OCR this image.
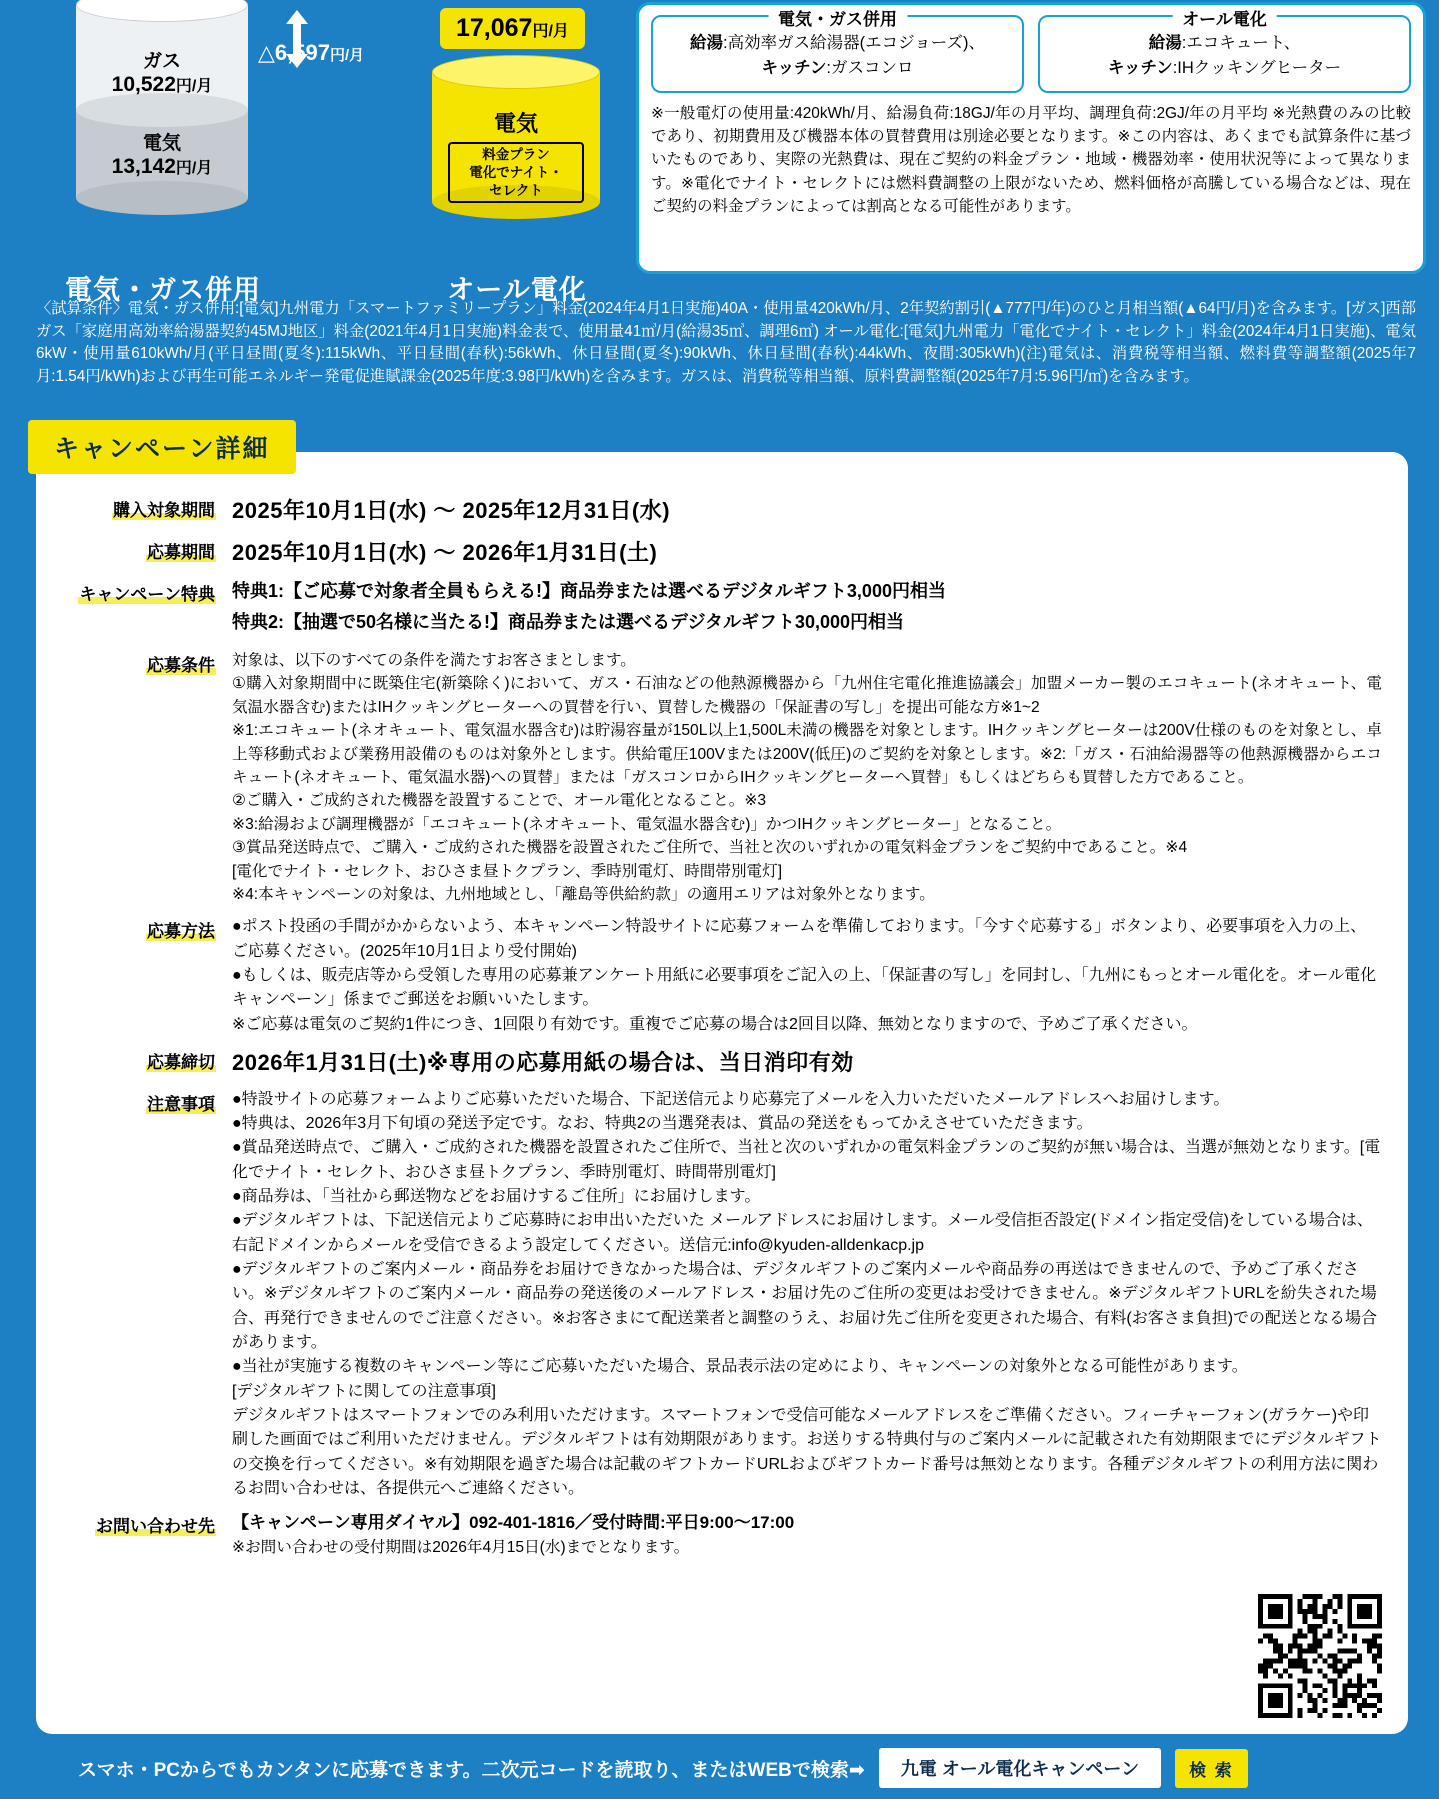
ガス
10,522円/月
電気
13,142円/月
△6,597円/月
17,067円/月
電気
料金プラン
電化でナイト・
セレクト
電気・ガス併用	オール電化
電気・ガス併用
給湯:高効率ガス給湯器(エコジョーズ)、
キッチン:ガスコンロ
オール電化
給湯:エコキュート、
キッチン:IHクッキングヒーター
※一般電灯の使用量:420kWh/月、給湯負荷:18GJ/年の月平均、調理負荷:2GJ/年の月平均 ※光熱費のみの比較であり、初期費用及び機器本体の買替費用は別途必要となります。※この内容は、あくまでも試算条件に基づいたものであり、実際の光熱費は、現在ご契約の料金プラン・地域・機器効率・使用状況等によって異なります。※電化でナイト・セレクトには燃料費調整の上限がないため、燃料価格が高騰している場合などは、現在ご契約の料金プランによっては割高となる可能性があります。
〈試算条件〉電気・ガス併用:[電気]九州電力「スマートファミリープラン」料金(2024年4月1日実施)40A・使用量420kWh/月、2年契約割引(▲777円/年)のひと月相当額(▲64円/月)を含みます。[ガス]西部ガス「家庭用高効率給湯器契約45MJ地区」料金(2021年4月1日実施)料金表で、使用量41㎥/月(給湯35㎥、調理6㎥) オール電化:[電気]九州電力「電化でナイト・セレクト」料金(2024年4月1日実施)、電気6kW・使用量610kWh/月(平日昼間(夏冬):115kWh、平日昼間(春秋):56kWh、休日昼間(夏冬):90kWh、休日昼間(春秋):44kWh、夜間:305kWh)(注)電気は、消費税等相当額、燃料費等調整額(2025年7月:1.54円/kWh)および再生可能エネルギー発電促進賦課金(2025年度:3.98円/kWh)を含みます。ガスは、消費税等相当額、原料費調整額(2025年7月:5.96円/㎥)を含みます。
キャンペーン詳細
購入対象期間 2025年10月1日(水) 〜 2025年12月31日(水)
応募期間 2025年10月1日(水) 〜 2026年1月31日(土)
キャンペーン特典 特典1:【ご応募で対象者全員もらえる!】商品券または選べるデジタルギフト3,000円相当
特典2:【抽選で50名様に当たる!】商品券または選べるデジタルギフト30,000円相当
応募条件	対象は、以下のすべての条件を満たすお客さまとします。
①購入対象期間中に既築住宅(新築除く)において、ガス・石油などの他熱源機器から「九州住宅電化推進協議会」加盟メーカー製のエコキュート(ネオキュート、電気温水器含む)またはIHクッキングヒーターへの買替を行い、買替した機器の「保証書の写し」を提出可能な方※1~2
※1:エコキュート(ネオキュート、電気温水器含む)は貯湯容量が150L以上1,500L未満の機器を対象とします。IHクッキングヒーターは200V仕様のものを対象とし、卓上等移動式および業務用設備のものは対象外とします。供給電圧100Vまたは200V(低圧)のご契約を対象とします。※2:「ガス・石油給湯器等の他熱源機器からエコキュート(ネオキュート、電気温水器)への買替」または「ガスコンロからIHクッキングヒーターへ買替」もしくはどちらも買替した方であること。
②ご購入・ご成約された機器を設置することで、オール電化となること。※3
※3:給湯および調理機器が「エコキュート(ネオキュート、電気温水器含む)」かつIHクッキングヒーター」となること。
③賞品発送時点で、ご購入・ご成約された機器を設置されたご住所で、当社と次のいずれかの電気料金プランをご契約中であること。※4
[電化でナイト・セレクト、おひさま昼トクプラン、季時別電灯、時間帯別電灯]
※4:本キャンペーンの対象は、九州地域とし、「離島等供給約款」の適用エリアは対象外となります。
応募方法	●ポスト投函の手間がかからないよう、本キャンペーン特設サイトに応募フォームを準備しております。「今すぐ応募する」ボタンより、必要事項を入力の上、ご応募ください。(2025年10月1日より受付開始)
●もしくは、販売店等から受領した専用の応募兼アンケート用紙に必要事項をご記入の上、「保証書の写し」を同封し、「九州にもっとオール電化を。オール電化キャンペーン」係までご郵送をお願いいたします。
※ご応募は電気のご契約1件につき、1回限り有効です。重複でご応募の場合は2回目以降、無効となりますので、予めご了承ください。
応募締切 2026年1月31日(土)※専用の応募用紙の場合は、当日消印有効
注意事項	●特設サイトの応募フォームよりご応募いただいた場合、下記送信元より応募完了メールを入力いただいたメールアドレスへお届けします。
●特典は、2026年3月下旬頃の発送予定です。なお、特典2の当選発表は、賞品の発送をもってかえさせていただきます。
●賞品発送時点で、ご購入・ご成約された機器を設置されたご住所で、当社と次のいずれかの電気料金プランのご契約が無い場合は、当選が無効となります。[電化でナイト・セレクト、おひさま昼トクプラン、季時別電灯、時間帯別電灯]
●商品券は、「当社から郵送物などをお届けするご住所」にお届けします。
●デジタルギフトは、下記送信元よりご応募時にお申出いただいた メールアドレスにお届けします。メール受信拒否設定(ドメイン指定受信)をしている場合は、右記ドメインからメールを受信できるよう設定してください。送信元:info@kyuden-alldenkacp.jp
●デジタルギフトのご案内メール・商品券をお届けできなかった場合は、デジタルギフトのご案内メールや商品券の再送はできませんので、予めご了承ください。※デジタルギフトのご案内メール・商品券の発送後のメールアドレス・お届け先のご住所の変更はお受けできません。※デジタルギフトURLを紛失された場合、再発行できませんのでご注意ください。※お客さまにて配送業者と調整のうえ、お届け先ご住所を変更された場合、有料(お客さま負担)での配送となる場合があります。
●当社が実施する複数のキャンペーン等にご応募いただいた場合、景品表示法の定めにより、キャンペーンの対象外となる可能性があります。
[デジタルギフトに関しての注意事項]
デジタルギフトはスマートフォンでのみ利用いただけます。スマートフォンで受信可能なメールアドレスをご準備ください。フィーチャーフォン(ガラケー)や印刷した画面ではご利用いただけません。デジタルギフトは有効期限があります。お送りする特典付与のご案内メールに記載された有効期限までにデジタルギフトの交換を行ってください。※有効期限を過ぎた場合は記載のギフトカードURLおよびギフトカード番号は無効となります。各種デジタルギフトの利用方法に関わるお問い合わせは、各提供元へご連絡ください。
お問い合わせ先	【キャンペーン専用ダイヤル】092-401-1816／受付時間:平日9:00〜17:00
※お問い合わせの受付期間は2026年4月15日(水)までとなります。
スマホ・PCからでもカンタンに応募できます。二次元コードを読取り、またはWEBで検索➡	九電 オール電化キャンペーン	検 索
